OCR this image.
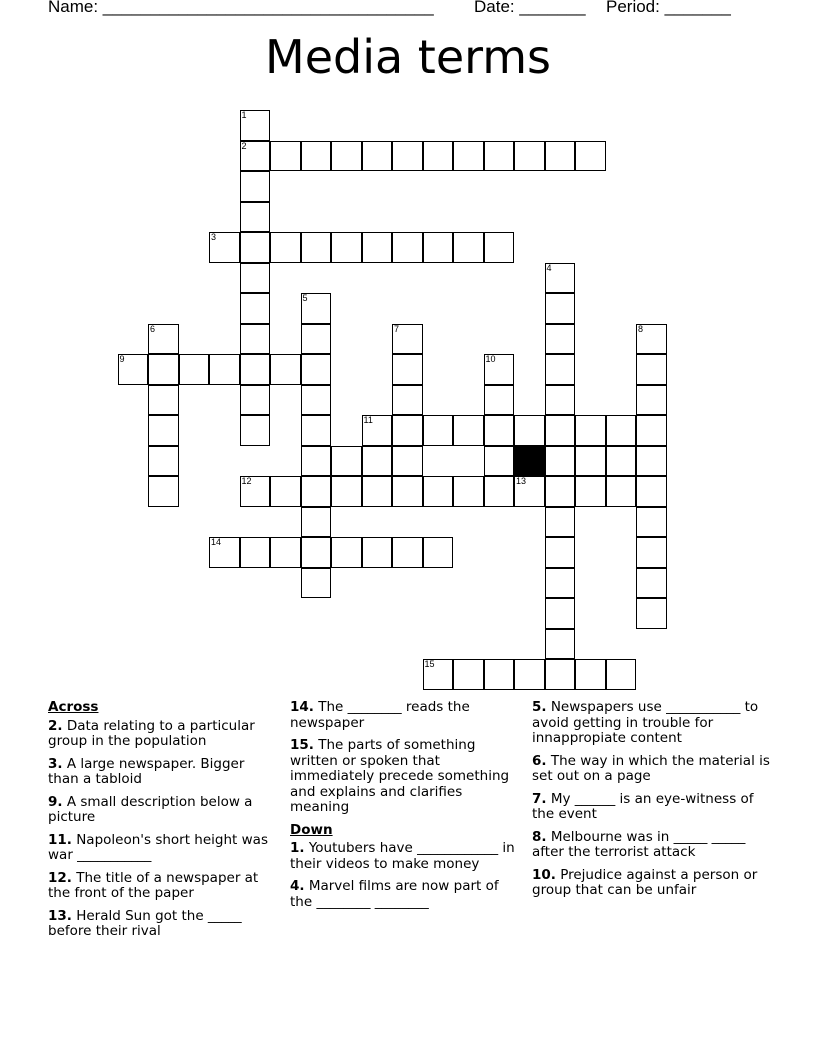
Name: ___________________________________ Date: _______ Period: _______
Media terms
1
2
3
4
5
6	7	8
9	10
11
12	13
14
15
Across
2. Data relating to a particular group in the population
3. A large newspaper. Bigger than a tabloid
9. A small description below a picture
11. Napoleon's short height was war ___________
12. The title of a newspaper at the front of the paper
13. Herald Sun got the _____ before their rival
14. The ________ reads the newspaper
15. The parts of something written or spoken that immediately precede something and explains and clarifies meaning
Down
1. Youtubers have ____________ in their videos to make money
4. Marvel films are now part of the ________ ________
5. Newspapers use ___________ to avoid getting in trouble for innappropiate content
6. The way in which the material is set out on a page
7. My ______ is an eye-witness of the event
8. Melbourne was in _____ _____ after the terrorist attack
10. Prejudice against a person or group that can be unfair
